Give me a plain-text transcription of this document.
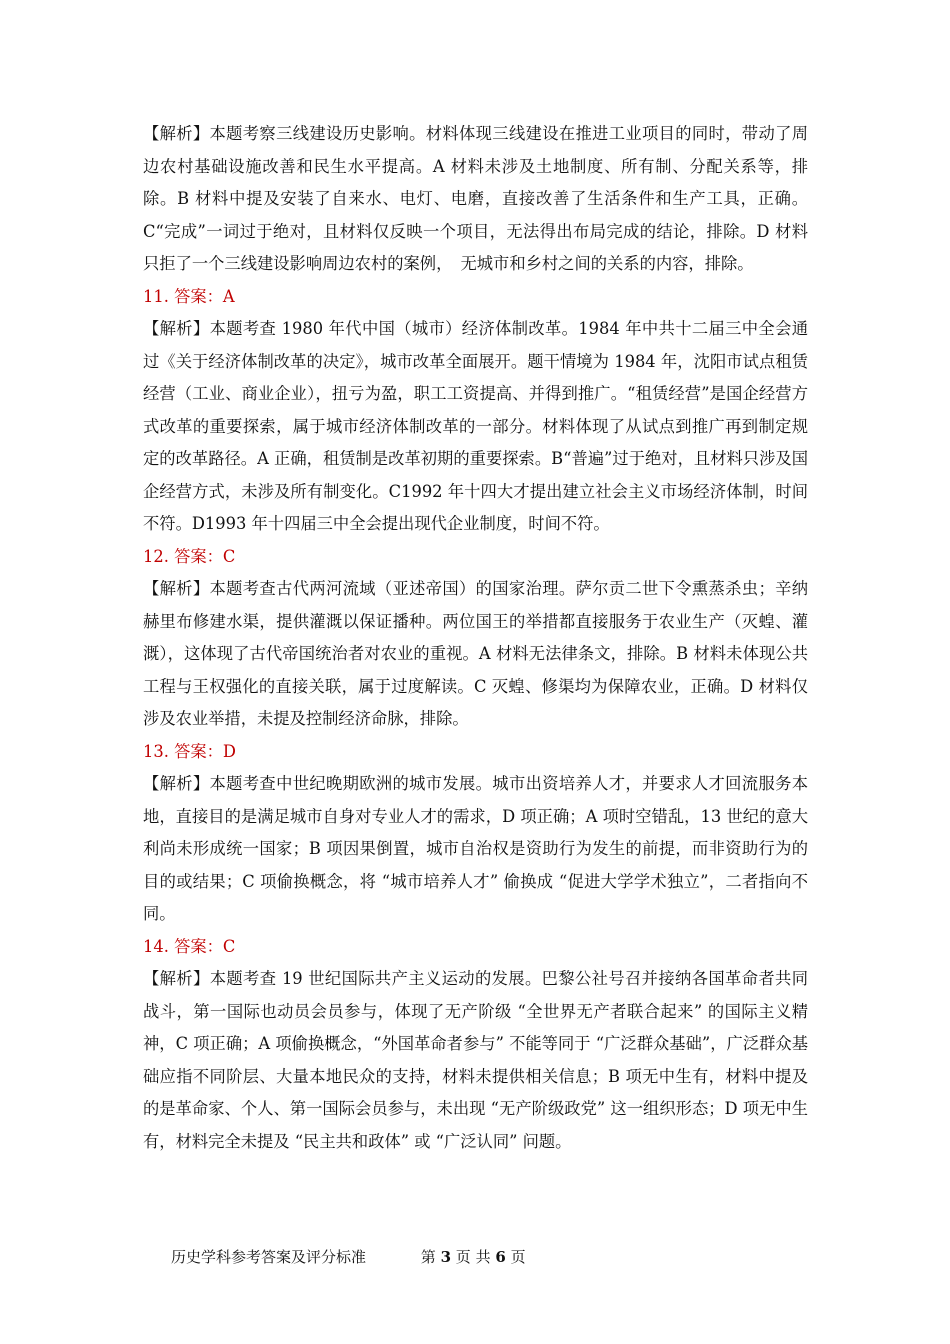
【解析】本题考察三线建设历史影响。材料体现三线建设在推进工业项目的同时，带动了周边农村基础设施改善和民生水平提高。A 材料未涉及土地制度、所有制、分配关系等，排除。B 材料中提及安装了自来水、电灯、电磨，直接改善了生活条件和生产工具，正确。C“完成”一词过于绝对，且材料仅反映一个项目，无法得出布局完成的结论，排除。D 材料只拒了一个三线建设影响周边农村的案例，　无城市和乡村之间的关系的内容，排除。

11. 答案：A

【解析】本题考查 1980 年代中国（城市）经济体制改革。1984 年中共十二届三中全会通过《关于经济体制改革的决定》，城市改革全面展开。题干情境为 1984 年，沈阳市试点租赁经营（工业、商业企业），扭亏为盈，职工工资提高、并得到推广。“租赁经营”是国企经营方式改革的重要探索，属于城市经济体制改革的一部分。材料体现了从试点到推广再到制定规定的改革路径。A 正确，租赁制是改革初期的重要探索。B“普遍”过于绝对，且材料只涉及国企经营方式，未涉及所有制变化。C1992 年十四大才提出建立社会主义市场经济体制，时间不符。D1993 年十四届三中全会提出现代企业制度，时间不符。

12. 答案：C

【解析】本题考查古代两河流域（亚述帝国）的国家治理。萨尔贡二世下令熏蒸杀虫；辛纳赫里布修建水渠，提供灌溉以保证播种。两位国王的举措都直接服务于农业生产（灭蝗、灌溉），这体现了古代帝国统治者对农业的重视。A 材料无法律条文，排除。B 材料未体现公共工程与王权强化的直接关联，属于过度解读。C 灭蝗、修渠均为保障农业，正确。D 材料仅涉及农业举措，未提及控制经济命脉，排除。

13. 答案：D

【解析】本题考查中世纪晚期欧洲的城市发展。城市出资培养人才，并要求人才回流服务本地，直接目的是满足城市自身对专业人才的需求，D 项正确；A 项时空错乱，13 世纪的意大利尚未形成统一国家；B 项因果倒置，城市自治权是资助行为发生的前提，而非资助行为的目的或结果；C 项偷换概念，将 “城市培养人才” 偷换成 “促进大学学术独立”，二者指向不同。

14. 答案：C

【解析】本题考查 19 世纪国际共产主义运动的发展。巴黎公社号召并接纳各国革命者共同战斗，第一国际也动员会员参与，体现了无产阶级 “全世界无产者联合起来” 的国际主义精神，C 项正确；A 项偷换概念，“外国革命者参与” 不能等同于 “广泛群众基础”，广泛群众基础应指不同阶层、大量本地民众的支持，材料未提供相关信息；B 项无中生有，材料中提及的是革命家、个人、第一国际会员参与，未出现 “无产阶级政党” 这一组织形态；D 项无中生有，材料完全未提及 “民主共和政体” 或 “广泛认同” 问题。

历史学科参考答案及评分标准	第 3 页 共 6 页
